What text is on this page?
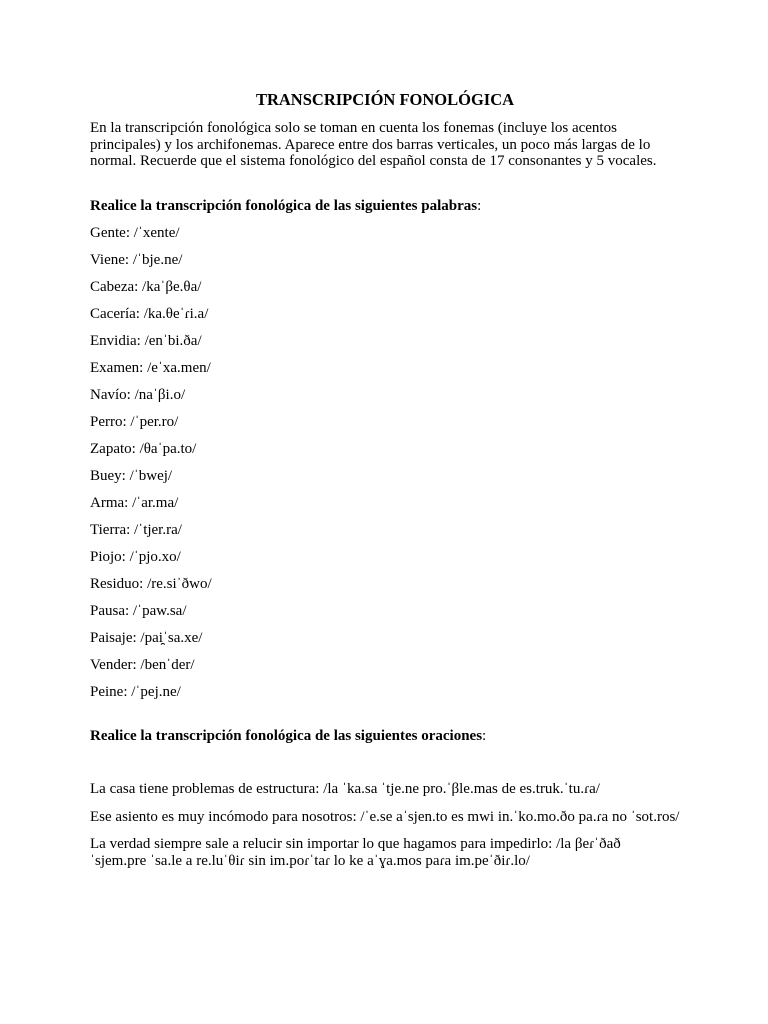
TRANSCRIPCIÓN FONOLÓGICA

En la transcripción fonológica solo se toman en cuenta los fonemas (incluye los acentos principales) y los archifonemas. Aparece entre dos barras verticales, un poco más largas de lo normal. Recuerde que el sistema fonológico del español consta de 17 consonantes y 5 vocales.

Realice la transcripción fonológica de las siguientes palabras:

Gente: /ˈxente/
Viene: /ˈbje.ne/
Cabeza: /kaˈβe.θa/
Cacería: /ka.θeˈɾi.a/
Envidia: /enˈbi.ða/
Examen: /eˈxa.men/
Navío: /naˈβi.o/
Perro: /ˈper.ro/
Zapato: /θaˈpa.to/
Buey: /ˈbwej/
Arma: /ˈar.ma/
Tierra: /ˈtjer.ra/
Piojo: /ˈpjo.xo/
Residuo: /re.siˈðwo/
Pausa: /ˈpaw.sa/
Paisaje: /pai̯ˈsa.xe/
Vender: /benˈder/
Peine: /ˈpej.ne/

Realice la transcripción fonológica de las siguientes oraciones:

La casa tiene problemas de estructura: /la ˈka.sa ˈtje.ne pro.ˈβle.mas de es.truk.ˈtu.ɾa/
Ese asiento es muy incómodo para nosotros: /ˈe.se aˈsjen.to es mwi in.ˈko.mo.ðo pa.ɾa no ˈsot.ros/
La verdad siempre sale a relucir sin importar lo que hagamos para impedirlo: /la βeɾˈðað ˈsjem.pre ˈsa.le a re.luˈθiɾ sin im.poɾˈtaɾ lo ke aˈɣa.mos paɾa im.peˈðiɾ.lo/
